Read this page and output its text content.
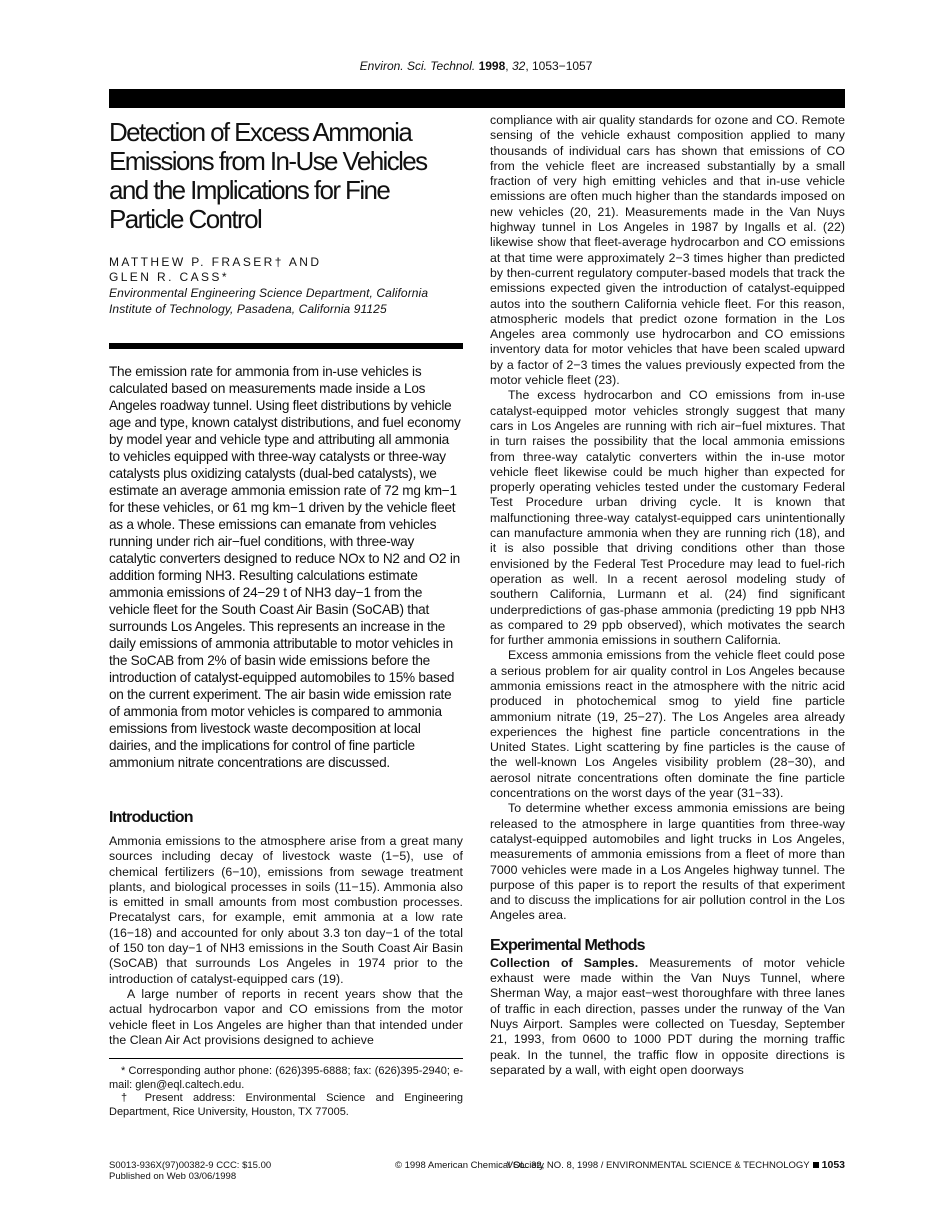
Environ. Sci. Technol. 1998, 32, 1053−1057
Detection of Excess Ammonia Emissions from In-Use Vehicles and the Implications for Fine Particle Control
MATTHEW P. FRASER† AND
GLEN R. CASS*
Environmental Engineering Science Department, California
Institute of Technology, Pasadena, California 91125

The emission rate for ammonia from in-use vehicles is calculated based on measurements made inside a Los Angeles roadway tunnel. Using fleet distributions by vehicle age and type, known catalyst distributions, and fuel economy by model year and vehicle type and attributing all ammonia to vehicles equipped with three-way catalysts or three-way catalysts plus oxidizing catalysts (dual-bed catalysts), we estimate an average ammonia emission rate of 72 mg km−1 for these vehicles, or 61 mg km−1 driven by the vehicle fleet as a whole. These emissions can emanate from vehicles running under rich air−fuel conditions, with three-way catalytic converters designed to reduce NOx to N2 and O2 in addition forming NH3. Resulting calculations estimate ammonia emissions of 24−29 t of NH3 day−1 from the vehicle fleet for the South Coast Air Basin (SoCAB) that surrounds Los Angeles. This represents an increase in the daily emissions of ammonia attributable to motor vehicles in the SoCAB from 2% of basin wide emissions before the introduction of catalyst-equipped automobiles to 15% based on the current experiment. The air basin wide emission rate of ammonia from motor vehicles is compared to ammonia emissions from livestock waste decomposition at local dairies, and the implications for control of fine particle ammonium nitrate concentrations are discussed.

Introduction

Ammonia emissions to the atmosphere arise from a great many sources including decay of livestock waste (1−5), use of chemical fertilizers (6−10), emissions from sewage treatment plants, and biological processes in soils (11−15). Ammonia also is emitted in small amounts from most combustion processes. Precatalyst cars, for example, emit ammonia at a low rate (16−18) and accounted for only about 3.3 ton day−1 of the total of 150 ton day−1 of NH3 emissions in the South Coast Air Basin (SoCAB) that surrounds Los Angeles in 1974 prior to the introduction of catalyst-equipped cars (19).

A large number of reports in recent years show that the actual hydrocarbon vapor and CO emissions from the motor vehicle fleet in Los Angeles are higher than that intended under the Clean Air Act provisions designed to achieve

* Corresponding author phone: (626)395-6888; fax: (626)395-2940; e-mail: glen@eql.caltech.edu.

† Present address: Environmental Science and Engineering Department, Rice University, Houston, TX 77005.

compliance with air quality standards for ozone and CO. Remote sensing of the vehicle exhaust composition applied to many thousands of individual cars has shown that emissions of CO from the vehicle fleet are increased substantially by a small fraction of very high emitting vehicles and that in-use vehicle emissions are often much higher than the standards imposed on new vehicles (20, 21). Measurements made in the Van Nuys highway tunnel in Los Angeles in 1987 by Ingalls et al. (22) likewise show that fleet-average hydrocarbon and CO emissions at that time were approximately 2−3 times higher than predicted by then-current regulatory computer-based models that track the emissions expected given the introduction of catalyst-equipped autos into the southern California vehicle fleet. For this reason, atmospheric models that predict ozone formation in the Los Angeles area commonly use hydrocarbon and CO emissions inventory data for motor vehicles that have been scaled upward by a factor of 2−3 times the values previously expected from the motor vehicle fleet (23).

The excess hydrocarbon and CO emissions from in-use catalyst-equipped motor vehicles strongly suggest that many cars in Los Angeles are running with rich air−fuel mixtures. That in turn raises the possibility that the local ammonia emissions from three-way catalytic converters within the in-use motor vehicle fleet likewise could be much higher than expected for properly operating vehicles tested under the customary Federal Test Procedure urban driving cycle. It is known that malfunctioning three-way catalyst-equipped cars unintentionally can manufacture ammonia when they are running rich (18), and it is also possible that driving conditions other than those envisioned by the Federal Test Procedure may lead to fuel-rich operation as well. In a recent aerosol modeling study of southern California, Lurmann et al. (24) find significant underpredictions of gas-phase ammonia (predicting 19 ppb NH3 as compared to 29 ppb observed), which motivates the search for further ammonia emissions in southern California.

Excess ammonia emissions from the vehicle fleet could pose a serious problem for air quality control in Los Angeles because ammonia emissions react in the atmosphere with the nitric acid produced in photochemical smog to yield fine particle ammonium nitrate (19, 25−27). The Los Angeles area already experiences the highest fine particle concentrations in the United States. Light scattering by fine particles is the cause of the well-known Los Angeles visibility problem (28−30), and aerosol nitrate concentrations often dominate the fine particle concentrations on the worst days of the year (31−33).

To determine whether excess ammonia emissions are being released to the atmosphere in large quantities from three-way catalyst-equipped automobiles and light trucks in Los Angeles, measurements of ammonia emissions from a fleet of more than 7000 vehicles were made in a Los Angeles highway tunnel. The purpose of this paper is to report the results of that experiment and to discuss the implications for air pollution control in the Los Angeles area.

Experimental Methods

Collection of Samples. Measurements of motor vehicle exhaust were made within the Van Nuys Tunnel, where Sherman Way, a major east−west thoroughfare with three lanes of traffic in each direction, passes under the runway of the Van Nuys Airport. Samples were collected on Tuesday, September 21, 1993, from 0600 to 1000 PDT during the morning traffic peak. In the tunnel, the traffic flow in opposite directions is separated by a wall, with eight open doorways

S0013-936X(97)00382-9 CCC: $15.00
Published on Web 03/06/1998
© 1998 American Chemical Society
VOL. 32, NO. 8, 1998 / ENVIRONMENTAL SCIENCE & TECHNOLOGY 1053
